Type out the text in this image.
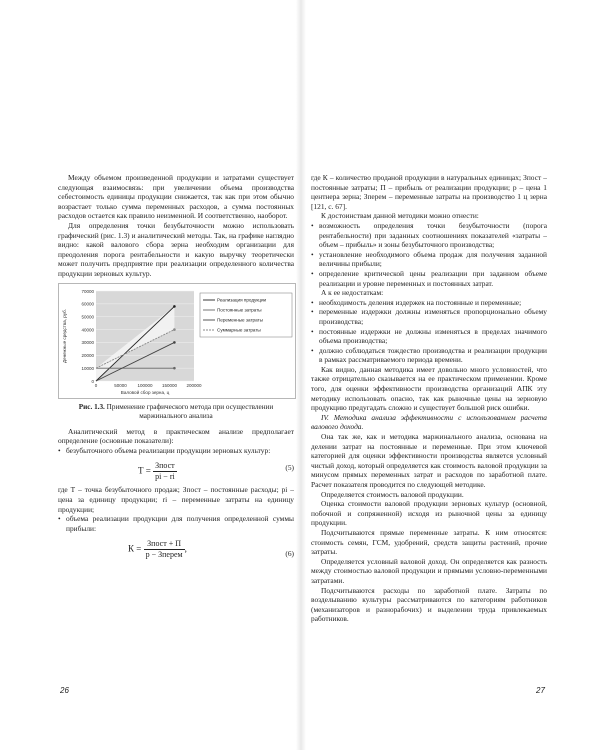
Между объемом произведенной продукции и затратами существует следующая взаимосвязь: при увеличении объема производства себестоимость единицы продукции снижается, так как при этом обычно возрастает только сумма переменных расходов, а сумма постоянных расходов остается как правило неизменной. И соответственно, наоборот.

Для определения точки безубыточности можно использовать графический (рис. 1.3) и аналитический методы. Так, на графике наглядно видно: какой валового сбора зерна необходим организации для преодоления порога рентабельности и какую выручку теоретически может получить предприятие при реализации определенного количества продукции зерновых культур.

0
10000
20000
30000
40000
50000
60000
70000
0	50000 100000 150000 200000
Валовой сбор зерна, ц
Денежные средства, руб.
Реализация продукции
Постоянные затраты
Переменные затраты
Суммарные затраты
Рис. 1.3. Применение графического метода при осуществлении маржинального анализа

Аналитический метод в практическом анализе предполагает определение (основные показатели):

• безубыточного объема реализации продукции зерновых культур:
$Т = \frac{\text{Зпост}}{pi - ri}$	(5)

где Т – точка безубыточного продаж; Зпост – постоянные расходы; pi – цена за единицу продукции; ri – переменные затраты на единицу продукции;

• объема реализации продукции для получения определенной суммы прибыли:
$К = \frac{\text{Зпост + П}}{\text{p − Зперем}}$ ,	(6)
26

где К – количество проданой продукции в натуральных единицах; Зпост – постоянные затраты; П – прибыль от реализации продукции; p – цена 1 центнера зерна; Зперем – переменные затраты на производство 1 ц зерна [121, с. 67].

К достоинствам данной методики можно отнести:

• возможность определения точки безубыточности (порога рентабельности) при заданных соотношениях показателей «затраты – объем – прибыль» и зоны безубыточного производства;
• установление необходимого объема продаж для получения заданной величины прибыли;
• определение критической цены реализации при заданном объеме реализации и уровне переменных и постоянных затрат.

А к ее недостаткам:

• необходимость деления издержек на постоянные и переменные;
• переменные издержки должны изменяться пропорционально объему производства;
• постоянные издержки не должны изменяться в пределах значимого объема производства;
• должно соблюдаться тождество производства и реализации продукции в рамках рассматриваемого периода времени.

Как видно, данная методика имеет довольно много условностей, что также отрицательно сказывается на ее практическом применении. Кроме того, для оценки эффективности производства организаций АПК эту методику использовать опасно, так как рыночные цены на зерновую продукцию предугадать сложно и существует большой риск ошибки.

IV. Методика анализа эффективности с использованием расчета валового дохода.

Она так же, как и методика маржинального анализа, основана на делении затрат на постоянные и переменные. При этом ключевой категорией для оценки эффективности производства является условный чистый доход, который определяется как стоимость валовой продукции за минусом прямых переменных затрат и расходов по заработной плате. Расчет показателя проводится по следующей методике.

Определяется стоимость валовой продукции.

Оценка стоимости валовой продукции зерновых культур (основной, побочной и сопряженной) исходя из рыночной цены за единицу продукции.

Подсчитываются прямые переменные затраты. К ним относятся: стоимость семян, ГСМ, удобрений, средств защиты растений, прочие затраты.

Определяется условный валовой доход. Он определяется как разность между стоимостью валовой продукции и прямыми условно-переменными затратами.

Подсчитываются расходы по заработной плате. Затраты по возделыванию культуры рассматриваются по категориям работников (механизаторов и разнорабочих) и выделении труда привлекаемых работников.

27
